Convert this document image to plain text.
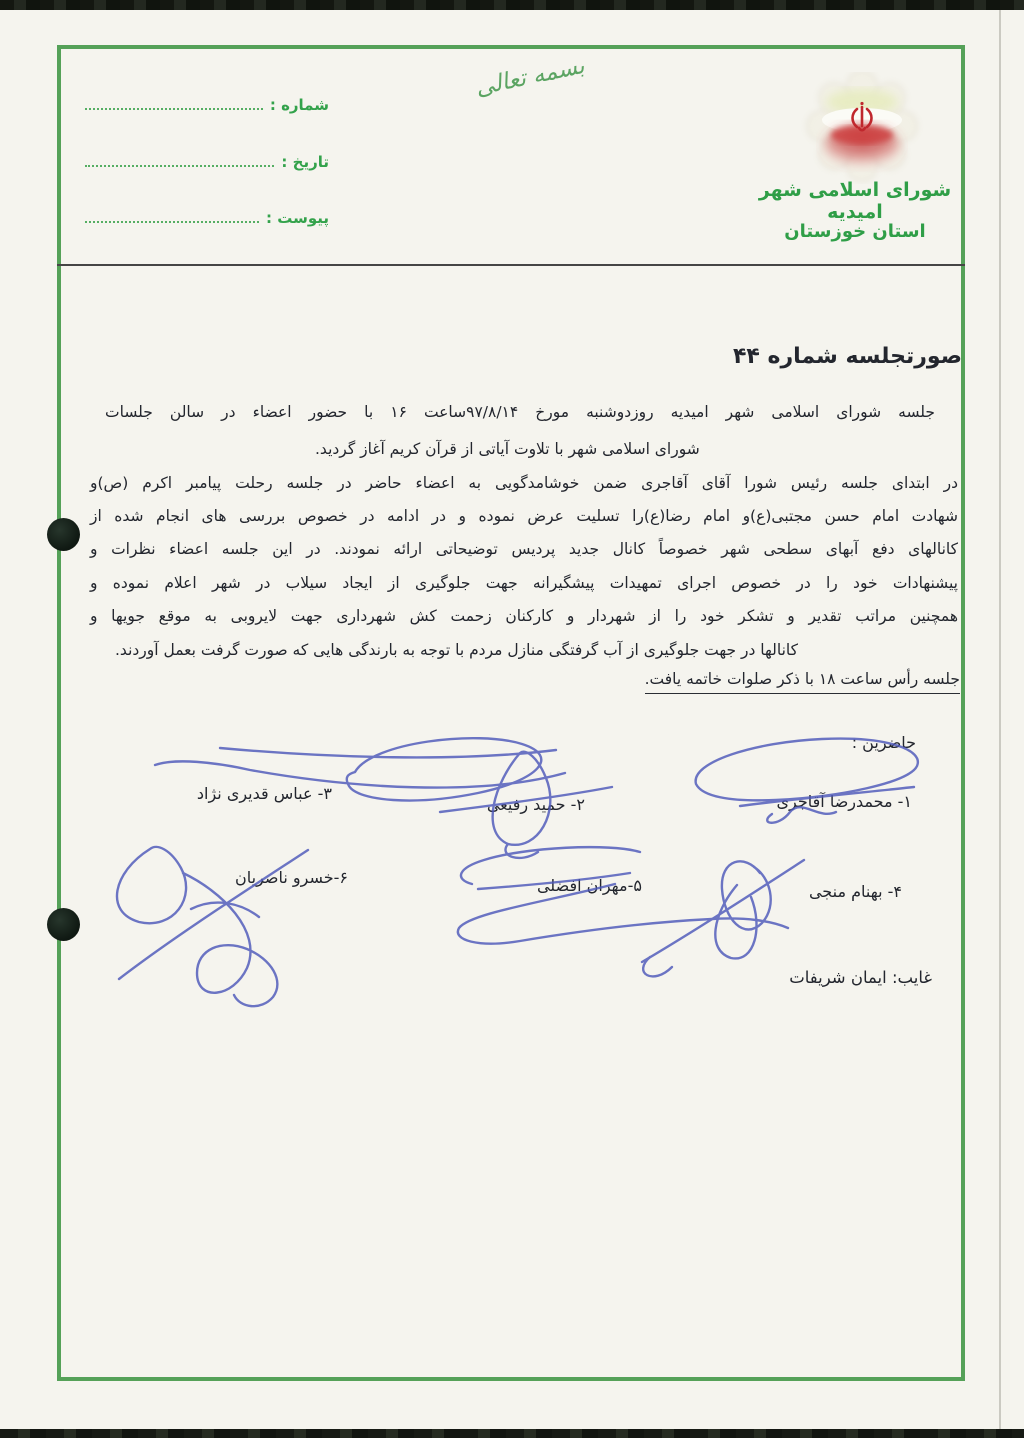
شماره :
تاریخ :
پیوست :
بسمه تعالی
شورای اسلامی شهر امیدیه
استان خوزستان
صورتجلسه شماره ۴۴
جلسه شورای اسلامی شهر امیدیه روزدوشنبه مورخ ۹۷/۸/۱۴ساعت ۱۶ با حضور اعضاء در سالن جلسات
شورای اسلامی شهر با تلاوت آیاتی از قرآن کریم آغاز گردید.
در ابتدای جلسه رئیس شورا آقای آقاجری ضمن خوشامدگویی به اعضاء حاضر در جلسه رحلت پیامبر اکرم (ص)و
شهادت امام حسن مجتبی(ع)و امام رضا(ع)را تسلیت عرض نموده و در ادامه در خصوص بررسی های انجام شده از
کانالهای دفع آبهای سطحی شهر خصوصاً کانال جدید پردیس توضیحاتی ارائه نمودند. در این جلسه اعضاء نظرات و
پیشنهادات خود را در خصوص اجرای تمهیدات پیشگیرانه جهت جلوگیری از ایجاد سیلاب در شهر اعلام نموده و
همچنین مراتب تقدیر و تشکر خود را از شهردار و کارکنان زحمت کش شهرداری جهت لایروبی به موقع جویها و
کانالها در جهت جلوگیری از آب گرفتگی منازل مردم با توجه به بارندگی هایی که صورت گرفت بعمل آوردند.
جلسه رأس ساعت ۱۸ با ذکر صلوات خاتمه یافت.
حاضرین :
۱- محمدرضا آقاجری
۲- حمید رفیعی
۳- عباس قدیری نژاد
۴- بهنام منجی
۵-مهران افضلی
۶-خسرو ناصریان
غایب: ایمان شریفات
